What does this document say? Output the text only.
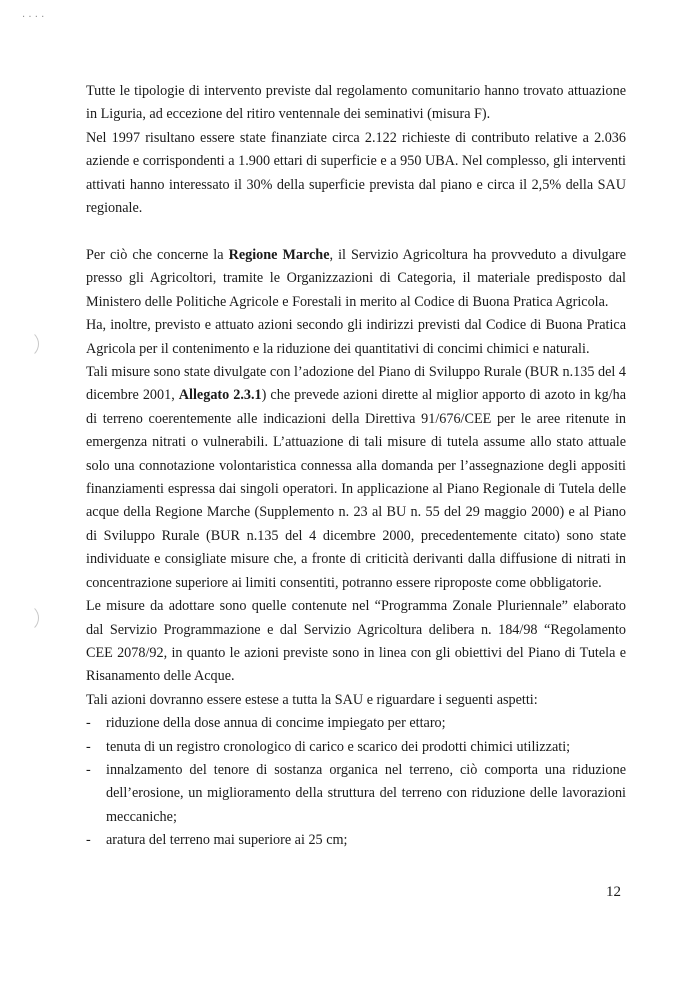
· · · ·

Tutte le tipologie di intervento previste dal regolamento comunitario hanno trovato attuazione in Liguria, ad eccezione del ritiro ventennale dei seminativi (misura F).

Nel 1997 risultano essere state finanziate circa 2.122 richieste di contributo relative a 2.036 aziende e corrispondenti a 1.900 ettari di superficie e a 950 UBA. Nel complesso, gli interventi attivati hanno interessato il 30% della superficie prevista dal piano e circa il 2,5% della SAU regionale.

Per ciò che concerne la Regione Marche, il Servizio Agricoltura ha provveduto a divulgare presso gli Agricoltori, tramite le Organizzazioni di Categoria, il materiale predisposto dal Ministero delle Politiche Agricole e Forestali in merito al Codice di Buona Pratica Agricola.

Ha, inoltre, previsto e attuato azioni secondo gli indirizzi previsti dal Codice di Buona Pratica Agricola per il contenimento e la riduzione dei quantitativi di concimi chimici e naturali.

Tali misure sono state divulgate con l’adozione del Piano di Sviluppo Rurale (BUR n.135 del 4 dicembre 2001, Allegato 2.3.1) che prevede azioni dirette al miglior apporto di azoto in kg/ha di terreno coerentemente alle indicazioni della Direttiva 91/676/CEE per le aree ritenute in emergenza nitrati o vulnerabili. L’attuazione di tali misure di tutela assume allo stato attuale solo una connotazione volontaristica connessa alla domanda per l’assegnazione degli appositi finanziamenti espressa dai singoli operatori. In applicazione al Piano Regionale di Tutela delle acque della Regione Marche (Supplemento n. 23 al BU n. 55 del 29 maggio 2000) e al Piano di Sviluppo Rurale (BUR n.135 del 4 dicembre 2000, precedentemente citato) sono state individuate e consigliate misure che, a fronte di criticità derivanti dalla diffusione di nitrati in concentrazione superiore ai limiti consentiti, potranno essere riproposte come obbligatorie.

Le misure da adottare sono quelle contenute nel “Programma Zonale Pluriennale” elaborato dal Servizio Programmazione e dal Servizio Agricoltura delibera n. 184/98 “Regolamento CEE 2078/92, in quanto le azioni previste sono in linea con gli obiettivi del Piano di Tutela e Risanamento delle Acque.

Tali azioni dovranno essere estese a tutta la SAU e riguardare i seguenti aspetti:

- riduzione della dose annua di concime impiegato per ettaro;
- tenuta di un registro cronologico di carico e scarico dei prodotti chimici utilizzati;
- innalzamento del tenore di sostanza organica nel terreno, ciò comporta una riduzione dell’erosione, un miglioramento della struttura del terreno con riduzione delle lavorazioni meccaniche;
- aratura del terreno mai superiore ai 25 cm;
12
